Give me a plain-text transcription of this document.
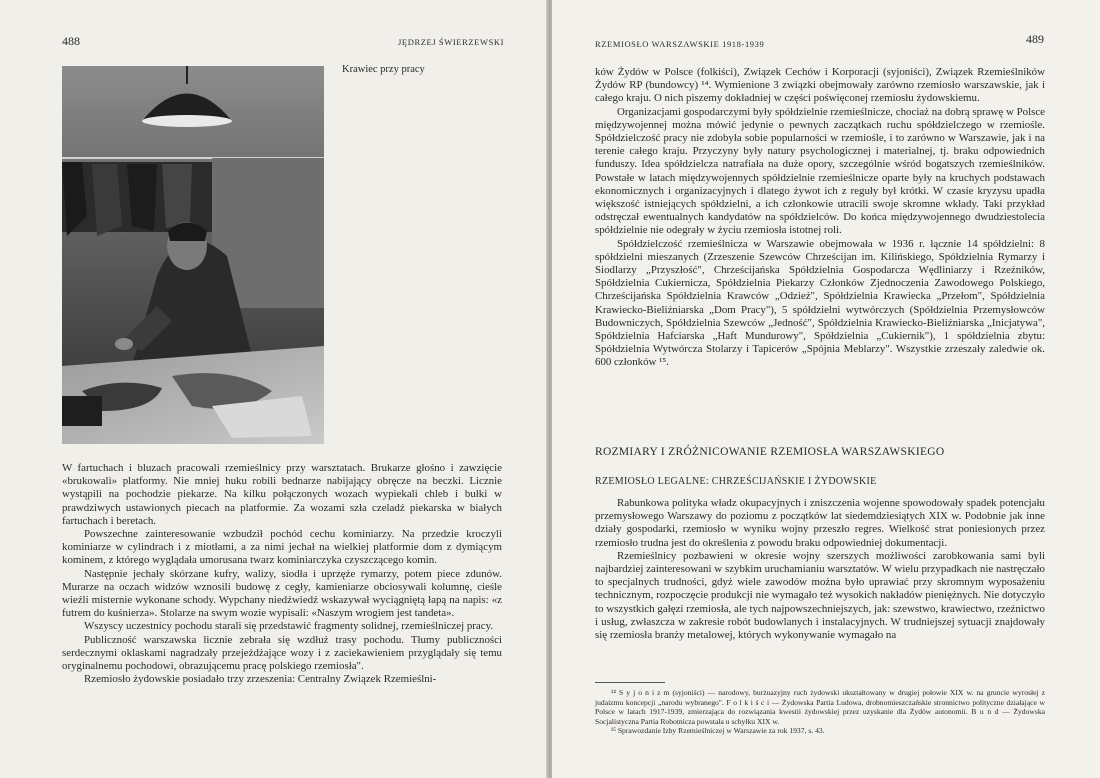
488	JĘDRZEJ ŚWIERZEWSKI
Krawiec przy pracy

W fartuchach i bluzach pracowali rzemieślnicy przy warsztatach. Brukarze głośno i zawzięcie «brukowali» platformy. Nie mniej huku robili bednarze nabijający obręcze na beczki. Licznie wystąpili na pochodzie piekarze. Na kilku połączonych wozach wypiekali chleb i bułki w prawdziwych ustawionych piecach na platformie. Za wozami szła czeladź piekarska w białych fartuchach i beretach.

Powszechne zainteresowanie wzbudził pochód cechu kominiarzy. Na przedzie kroczyli kominiarze w cylindrach i z miotłami, a za nimi jechał na wielkiej platformie dom z dymiącym kominem, z którego wyglądała umorusana twarz kominiarczyka czyszczącego komin.

Następnie jechały skórzane kufry, walizy, siodła i uprzęże rymarzy, potem piece zdunów. Murarze na oczach widzów wznosili budowę z cegły, kamieniarze obciosywali kolumnę, cieśle wieźli misternie wykonane schody. Wypchany niedźwiedź wskazywał wyciągniętą łapą na napis: «z futrem do kuśnierza». Stolarze na swym wozie wypisali: «Naszym wrogiem jest tandeta».

Wszyscy uczestnicy pochodu starali się przedstawić fragmenty solidnej, rzemieślniczej pracy.

Publiczność warszawska licznie zebrała się wzdłuż trasy pochodu. Tłumy publiczności serdecznymi oklaskami nagradzały przejeżdżające wozy i z zaciekawieniem przyglądały się temu oryginalnemu pochodowi, obrazującemu pracę polskiego rzemiosła".

Rzemiosło żydowskie posiadało trzy zrzeszenia: Centralny Związek Rzemieślni-

RZEMIOSŁO WARSZAWSKIE 1918-1939	489

ków Żydów w Polsce (folkiści), Związek Cechów i Korporacji (syjoniści), Związek Rzemieślników Żydów RP (bundowcy) ¹⁴. Wymienione 3 związki obejmowały zarówno rzemiosło warszawskie, jak i całego kraju. O nich piszemy dokładniej w części poświęconej rzemiosłu żydowskiemu.

Organizacjami gospodarczymi były spółdzielnie rzemieślnicze, chociaż na dobrą sprawę w Polsce międzywojennej można mówić jedynie o pewnych zaczątkach ruchu spółdzielczego w rzemiośle. Spółdzielczość pracy nie zdobyła sobie popularności w rzemiośle, i to zarówno w Warszawie, jak i na terenie całego kraju. Przyczyny były natury psychologicznej i materialnej, tj. braku odpowiednich funduszy. Idea spółdzielcza natrafiała na duże opory, szczególnie wśród bogatszych rzemieślników. Powstałe w latach międzywojennych spółdzielnie rzemieślnicze oparte były na kruchych podstawach ekonomicznych i organizacyjnych i dlatego żywot ich z reguły był krótki. W czasie kryzysu upadła większość istniejących spółdzielni, a ich członkowie utracili swoje skromne wkłady. Taki przykład odstręczał ewentualnych kandydatów na spółdzielców. Do końca międzywojennego dwudziestolecia spółdzielnie nie odegrały w życiu rzemiosła istotnej roli.

Spółdzielczość rzemieślnicza w Warszawie obejmowała w 1936 r. łącznie 14 spółdzielni: 8 spółdzielni mieszanych (Zrzeszenie Szewców Chrześcijan im. Kilińskiego, Spółdzielnia Rymarzy i Siodlarzy „Przyszłość", Chrześcijańska Spółdzielnia Gospodarcza Wędliniarzy i Rzeźników, Spółdzielnia Cukiernicza, Spółdzielnia Piekarzy Członków Zjednoczenia Zawodowego Polskiego, Chrześcijańska Spółdzielnia Krawców „Odzież", Spółdzielnia Krawiecka „Przełom", Spółdzielnia Krawiecko-Bieliźniarska „Dom Pracy"), 5 spółdzielni wytwórczych (Spółdzielnia Przemysłowców Budowniczych, Spółdzielnia Szewców „Jedność", Spółdzielnia Krawiecko-Bieliźniarska „Inicjatywa", Spółdzielnia Hafciarska „Haft Mundurowy", Spółdzielnia „Cukiernik"), 1 spółdzielnia zbytu: Spółdzielnia Wytwórcza Stolarzy i Tapicerów „Spójnia Meblarzy". Wszystkie zrzeszały zaledwie ok. 600 członków ¹⁵.

ROZMIARY I ZRÓŻNICOWANIE RZEMIOSŁA WARSZAWSKIEGO
RZEMIOSŁO LEGALNE: CHRZEŚCIJAŃSKIE I ŻYDOWSKIE

Rabunkowa polityka władz okupacyjnych i zniszczenia wojenne spowodowały spadek potencjału przemysłowego Warszawy do poziomu z początków lat siedemdziesiątych XIX w. Podobnie jak inne działy gospodarki, rzemiosło w wyniku wojny przeszło regres. Wielkość strat poniesionych przez rzemiosło trudna jest do określenia z powodu braku odpowiedniej dokumentacji.

Rzemieślnicy pozbawieni w okresie wojny szerszych możliwości zarobkowania sami byli najbardziej zainteresowani w szybkim uruchamianiu warsztatów. W wielu przypadkach nie nastręczało to specjalnych trudności, gdyż wiele zawodów można było uprawiać przy skromnym wyposażeniu technicznym, rozpoczęcie produkcji nie wymagało też wysokich nakładów pieniężnych. Nie dotyczyło to wszystkich gałęzi rzemiosła, ale tych najpowszechniejszych, jak: szewstwo, krawiectwo, rzeźnictwo i usług, zwłaszcza w zakresie robót budowlanych i instalacyjnych. W trudniejszej sytuacji znajdowały się rzemiosła branży metalowej, których wykonywanie wymagało na

¹⁴ S y j o n i z m (syjoniści) — narodowy, burżuazyjny ruch żydowski ukształtowany w drugiej połowie XIX w. na gruncie wyrosłej z judaizmu koncepcji „narodu wybranego". F o l k i ś c i — Żydowska Partia Ludowa, drobnomieszczańskie stronnictwo polityczne działające w Polsce w latach 1917-1939, zmierzająca do rozwiązania kwestii żydowskiej przez uzyskanie dla Żydów autonomii. B u n d — Żydowska Socjalistyczna Partia Robotnicza powstała u schyłku XIX w.

¹⁵ Sprawozdanie Izby Rzemieślniczej w Warszawie za rok 1937, s. 43.
